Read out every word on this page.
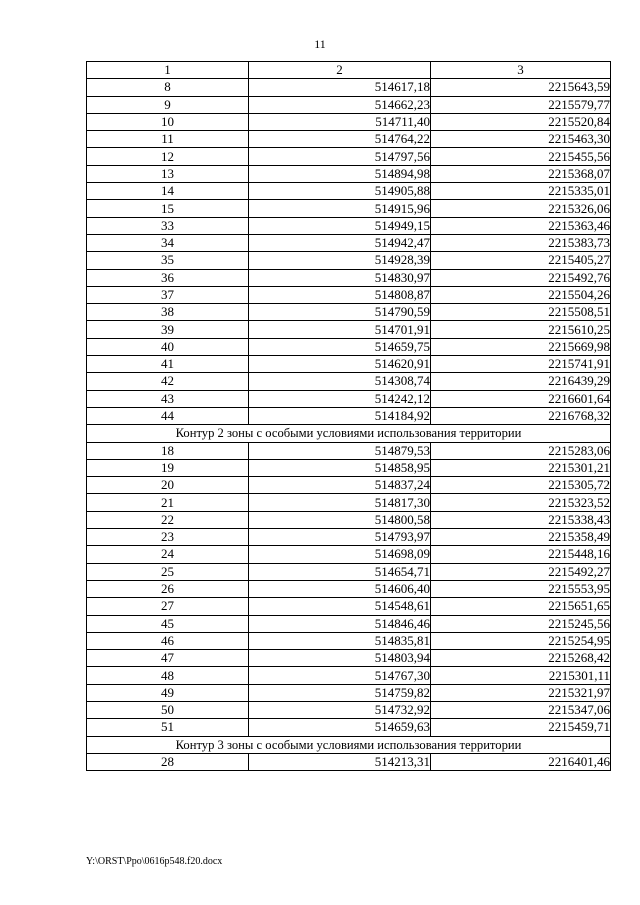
11
1	2	3
8	514617,18	2215643,59
9	514662,23	2215579,77
10	514711,40	2215520,84
11	514764,22	2215463,30
12	514797,56	2215455,56
13	514894,98	2215368,07
14	514905,88	2215335,01
15	514915,96	2215326,06
33	514949,15	2215363,46
34	514942,47	2215383,73
35	514928,39	2215405,27
36	514830,97	2215492,76
37	514808,87	2215504,26
38	514790,59	2215508,51
39	514701,91	2215610,25
40	514659,75	2215669,98
41	514620,91	2215741,91
42	514308,74	2216439,29
43	514242,12	2216601,64
44	514184,92	2216768,32
Контур 2 зоны с особыми условиями использования территории		
18	514879,53	2215283,06
19	514858,95	2215301,21
20	514837,24	2215305,72
21	514817,30	2215323,52
22	514800,58	2215338,43
23	514793,97	2215358,49
24	514698,09	2215448,16
25	514654,71	2215492,27
26	514606,40	2215553,95
27	514548,61	2215651,65
45	514846,46	2215245,56
46	514835,81	2215254,95
47	514803,94	2215268,42
48	514767,30	2215301,11
49	514759,82	2215321,97
50	514732,92	2215347,06
51	514659,63	2215459,71
Контур 3 зоны с особыми условиями использования территории		
28	514213,31	2216401,46
Y:\ORST\Ppo\0616p548.f20.docx
